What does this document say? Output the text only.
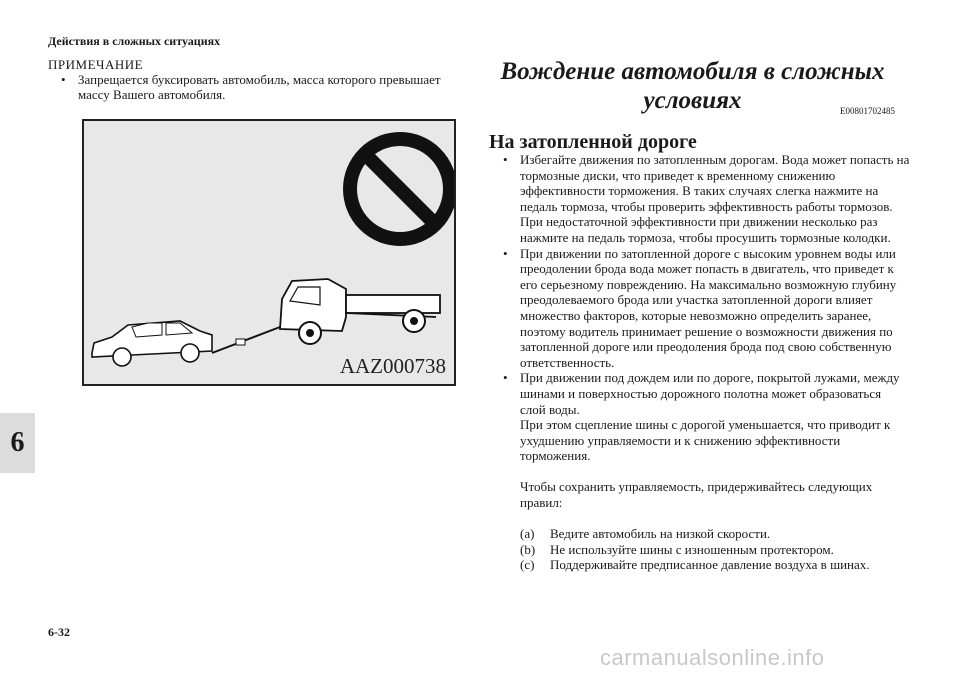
Действия в сложных ситуациях
ПРИМЕЧАНИЕ
• Запрещается буксировать автомобиль, масса которого превышает массу Вашего автомобиля.
AAZ000738
6
6-32
Вождение автомобиля в сложных
условиях	E00801702485
На затопленной дороге
• Избегайте движения по затопленным дорогам. Вода может попасть на тормозные диски, что приведет к временному снижению эффективности торможения. В таких случаях слегка нажмите на педаль тормоза, чтобы проверить эффективность работы тормозов. При недостаточной эффективности при движении несколько раз нажмите на педаль тормоза, чтобы просушить тормозные колодки.
• При движении по затопленной дороге с высоким уровнем воды или преодолении брода вода может попасть в двигатель, что приведет к его серьезному повреждению. На максимально возможную глубину преодолеваемого брода или участка затопленной дороги влияет множество факторов, которые невозможно определить заранее, поэтому водитель принимает решение о возможности движения по затопленной дороге или преодоления брода под свою собственную ответственность.
• При движении под дождем или по дороге, покрытой лужами, между шинами и поверхностью дорожного полотна может образоваться слой воды.

При этом сцепление шины с дорогой уменьшается, что приводит к ухудшению управляемости и к снижению эффективности торможения.

Чтобы сохранить управляемость, придерживайтесь следующих правил:

(a) Ведите автомобиль на низкой скорости.
(b) Не используйте шины с изношенным протектором.
(c) Поддерживайте предписанное давление воздуха в шинах.
carmanualsonline.info
